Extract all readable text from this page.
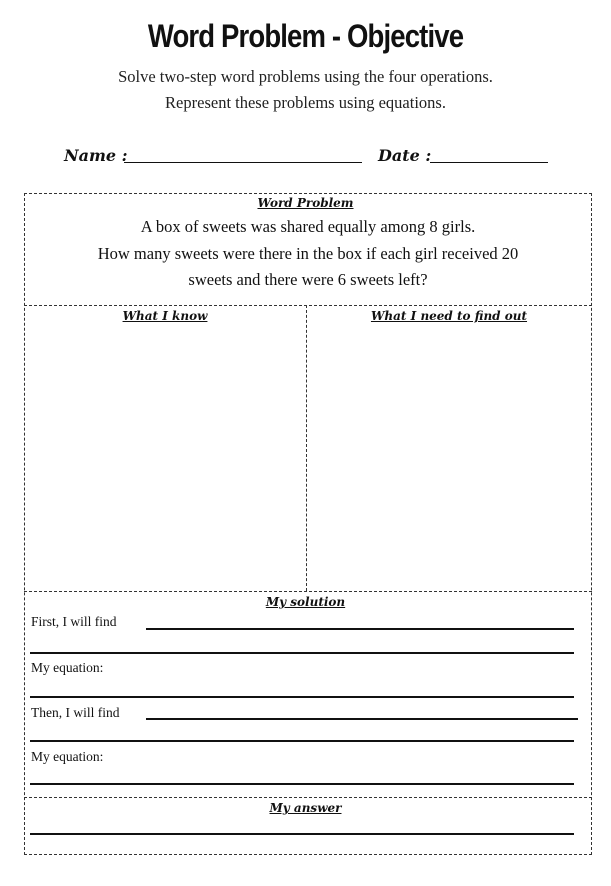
Word Problem - Objective
Solve two-step word problems using the four operations.
Represent these problems using equations.
Name :	Date :
Word Problem
A box of sweets was shared equally among 8 girls.
How many sweets were there in the box if each girl received 20
sweets and there were 6 sweets left?
What I know	What I need to find out
My solution
First, I will find
My equation:
Then, I will find
My equation:
My answer
